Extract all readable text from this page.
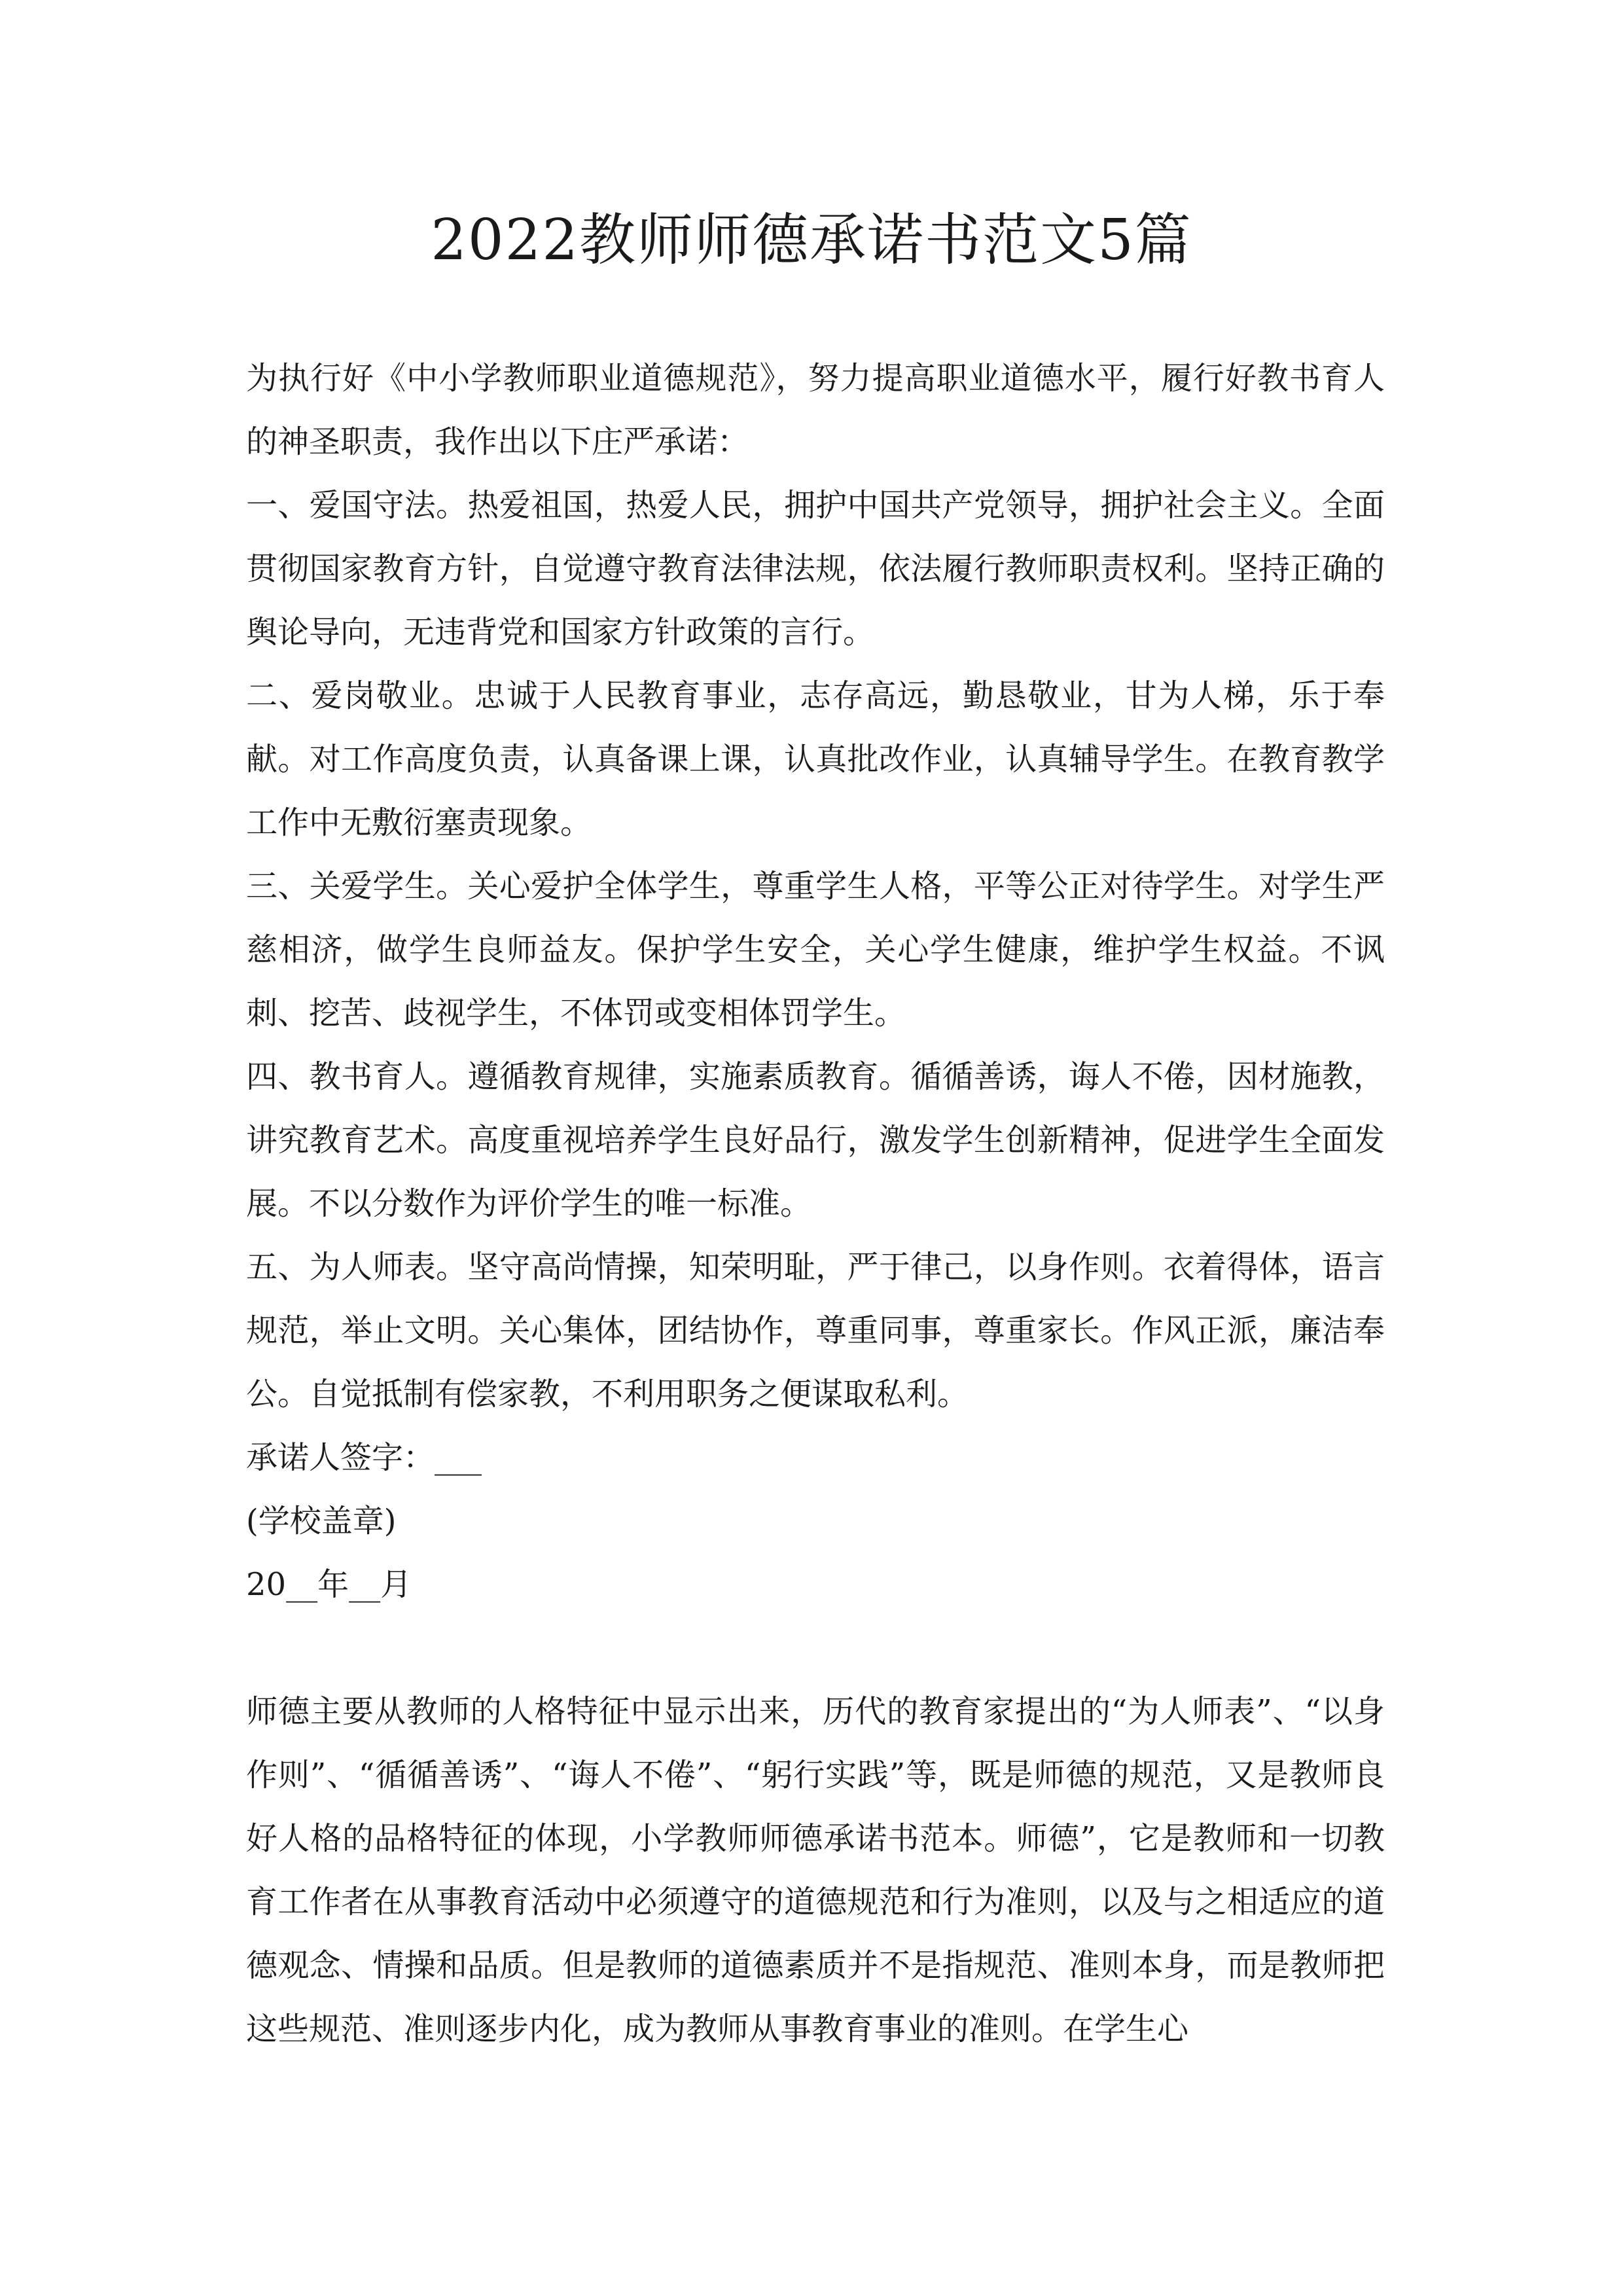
2022教师师德承诺书范文5篇

为执行好《中小学教师职业道德规范》，努力提高职业道德水平，履行好教书育人的神圣职责，我作出以下庄严承诺：

一、爱国守法。热爱祖国，热爱人民，拥护中国共产党领导，拥护社会主义。全面贯彻国家教育方针，自觉遵守教育法律法规，依法履行教师职责权利。坚持正确的舆论导向，无违背党和国家方针政策的言行。

二、爱岗敬业。忠诚于人民教育事业，志存高远，勤恳敬业，甘为人梯，乐于奉献。对工作高度负责，认真备课上课，认真批改作业，认真辅导学生。在教育教学工作中无敷衍塞责现象。

三、关爱学生。关心爱护全体学生，尊重学生人格，平等公正对待学生。对学生严慈相济，做学生良师益友。保护学生安全，关心学生健康，维护学生权益。不讽刺、挖苦、歧视学生，不体罚或变相体罚学生。

四、教书育人。遵循教育规律，实施素质教育。循循善诱，诲人不倦，因材施教，讲究教育艺术。高度重视培养学生良好品行，激发学生创新精神，促进学生全面发展。不以分数作为评价学生的唯一标准。

五、为人师表。坚守高尚情操，知荣明耻，严于律己，以身作则。衣着得体，语言规范，举止文明。关心集体，团结协作，尊重同事，尊重家长。作风正派，廉洁奉公。自觉抵制有偿家教，不利用职务之便谋取私利。

承诺人签字：___

(学校盖章)

20__年__月

师德主要从教师的人格特征中显示出来，历代的教育家提出的“为人师表”、“以身作则”、“循循善诱”、“诲人不倦”、“躬行实践”等，既是师德的规范，又是教师良好人格的品格特征的体现，小学教师师德承诺书范本。师德”，它是教师和一切教育工作者在从事教育活动中必须遵守的道德规范和行为准则，以及与之相适应的道德观念、情操和品质。但是教师的道德素质并不是指规范、准则本身，而是教师把这些规范、准则逐步内化，成为教师从事教育事业的准则。在学生心
